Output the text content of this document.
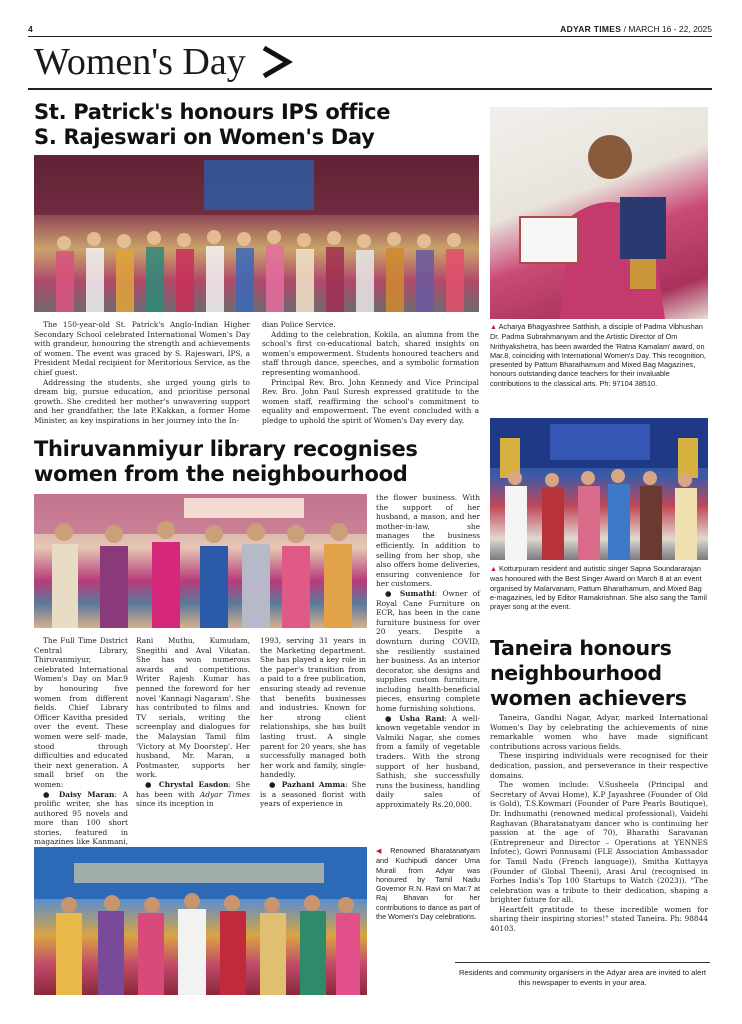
4	ADYAR TIMES / MARCH 16 - 22, 2025
Women's Day
St. Patrick's honours IPS office
S. Rajeswari on Women's Day

The 150-year-old St. Patrick's Anglo-Indian Higher Secondary School celebrated International Women's Day with grandeur, honouring the strength and achievements of women. The event was graced by S. Rajeswari, IPS, a President Medal recipient for Meritorious Service, as the chief guest.

Addressing the students, she urged young girls to dream big, pursue education, and prioritise personal growth. She credited her mother's unwavering support and her grandfather, the late P.Kakkan, a former Home Minister, as key inspirations in her journey into the In-

dian Police Service.

Adding to the celebration, Kokila, an alumna from the school's first co-educational batch, shared insights on women's empowerment. Students honoured teachers and staff through dance, speeches, and a symbolic formation representing womanhood.

Principal Rev. Bro. John Kennedy and Vice Principal Rev. Bro. John Paul Suresh expressed gratitude to the women staff, reaffirming the school's commitment to equality and empowerment. The event concluded with a pledge to uphold the spirit of Women's Day every day.

▲ Acharya Bhagyashree Satthish, a disciple of Padma Vibhushan Dr. Padma Subrahmanyam and the Artistic Director of Om Nrithyakshetra, has been awarded the 'Ratna Kamalam' award, on Mar.8, coinciding with International Women's Day. This recognition, presented by Pattum Bharathamum and Mixed Bag Magazines, honours outstanding dance teachers for their invaluable contributions to the classical arts. Ph: 97104 38510.
▲ Kotturpuram resident and autistic singer Sapna Soundararajan was honoured with the Best Singer Award on March 8 at an event organised by Malarvanam, Pattum Bharathamum, and Mixed Bag e-magazines, led by Editor Ramakrishnan. She also sang the Tamil prayer song at the event.
Thiruvanmiyur library recognises
women from the neighbourhood

The Full Time District Central Library, Thiruvanmiyur, celebrated International Women's Day on Mar.9 by honouring five women from different fields. Chief Library Officer Kavitha presided over the event. These women were self- made, stood through difficulties and educated their next generation. A small brief on the women:

● Daisy Maran: A prolific writer, she has authored 95 novels and more than 100 short stories, featured in magazines like Kanmani,

Rani Muthu, Kumudam, Snegithi and Aval Vikatan. She has won numerous awards and competitions. Writer Rajesh Kumar has penned the foreword for her novel 'Kannagi Nagaram'. She has contributed to films and TV serials, writing the screenplay and dialogues for the Malaysian Tamil film 'Victory at My Doorstep'. Her husband, Mr. Maran, a Postmaster, supports her work.

● Chrystal Easdon: She has been with Adyar Times since its inception in

1993, serving 31 years in the Marketing department. She has played a key role in the paper's transition from a paid to a free publication, ensuring steady ad revenue that benefits businesses and industries. Known for her strong client relationships, she has built lasting trust. A single parent for 20 years, she has successfully managed both her work and family, single-handedly.

● Pazhani Amma: She is a seasoned florist with years of experience in

the flower business. With the support of her husband, a mason, and her mother-in-law, she manages the business efficiently. In addition to selling from her shop, she also offers home deliveries, ensuring convenience for her customers.

● Sumathi: Owner of Royal Cane Furniture on ECR, has been in the cane furniture business for over 20 years. Despite a downturn during COVID, she resiliently sustained her business. As an interior decorator, she designs and supplies custom furniture, including health-beneficial pieces, ensuring complete home furnishing solutions.

● Usha Rani: A well-known vegetable vendor in Valmiki Nagar, she comes from a family of vegetable traders. With the strong support of her husband, Sathish, she successfully runs the business, handling daily sales of approximately Rs.20,000.

◀ Renowned Bharatanatyam and Kuchipudi dancer Uma Murali from Adyar was honoured by Tamil Nadu Governor R.N. Ravi on Mar.7 at Raj Bhavan for her contributions to dance as part of the Women's Day celebrations.
Taneira honours
neighbourhood
women achievers

Taneira, Gandhi Nagar, Adyar, marked International Women's Day by celebrating the achievements of nine remarkable women who have made significant contributions across various fields.

These inspiring individuals were recognised for their dedication, passion, and perseverance in their respective domains.

The women include: V.Susheela (Principal and Secretary of Avvai Home), K.P Jayashree (Founder of Old is Gold), T.S.Kowmari (Founder of Pure Pearls Boutique), Dr. Indhumathi (renowned medical professional), Vaidehi Raghavan (Bharatanatyam dancer who is continuing her passion at the age of 70), Bharathi Saravanan (Entrepreneur and Director – Operations at YENNES Infotec), Gowri Ponnusami (FLE Association Ambassador for Tamil Nadu (French language)), Smitha Kuttayya (Founder of Global Theeni), Arasi Arul (recognised in Forbes India's Top 100 Startups to Watch (2023)). "The celebration was a tribute to their dedication, shaping a brighter future for all.

Heartfelt gratitude to these incredible women for sharing their inspiring stories!" stated Taneira. Ph: 98844 40103.

Residents and community organisers in the Adyar area are invited to alert this newspaper to events in your area.
